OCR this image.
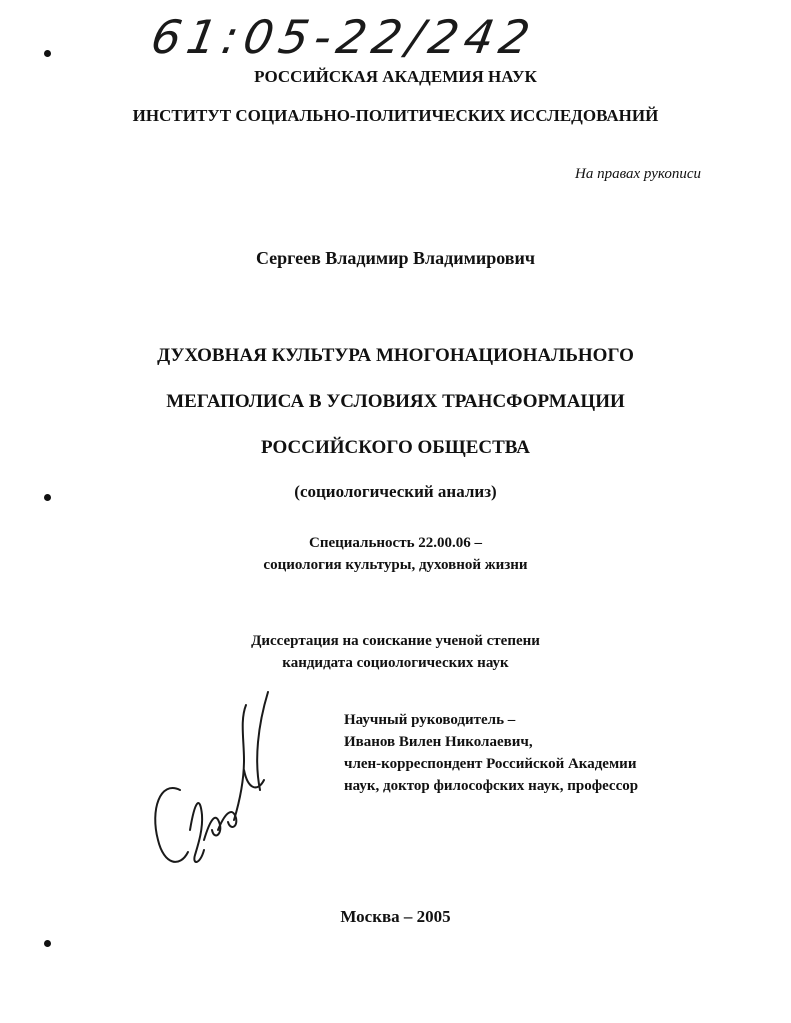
61:05-22/242
РОССИЙСКАЯ АКАДЕМИЯ НАУК
ИНСТИТУТ СОЦИАЛЬНО-ПОЛИТИЧЕСКИХ ИССЛЕДОВАНИЙ
На правах рукописи
Сергеев Владимир Владимирович
ДУХОВНАЯ КУЛЬТУРА МНОГОНАЦИОНАЛЬНОГО
МЕГАПОЛИСА В УСЛОВИЯХ ТРАНСФОРМАЦИИ
РОССИЙСКОГО ОБЩЕСТВА
(социологический анализ)
Специальность 22.00.06 –
социология культуры, духовной жизни
Диссертация на соискание ученой степени
кандидата социологических наук
Научный руководитель –
Иванов Вилен Николаевич,
член-корреспондент Российской Академии
наук, доктор философских наук, профессор
Москва – 2005
